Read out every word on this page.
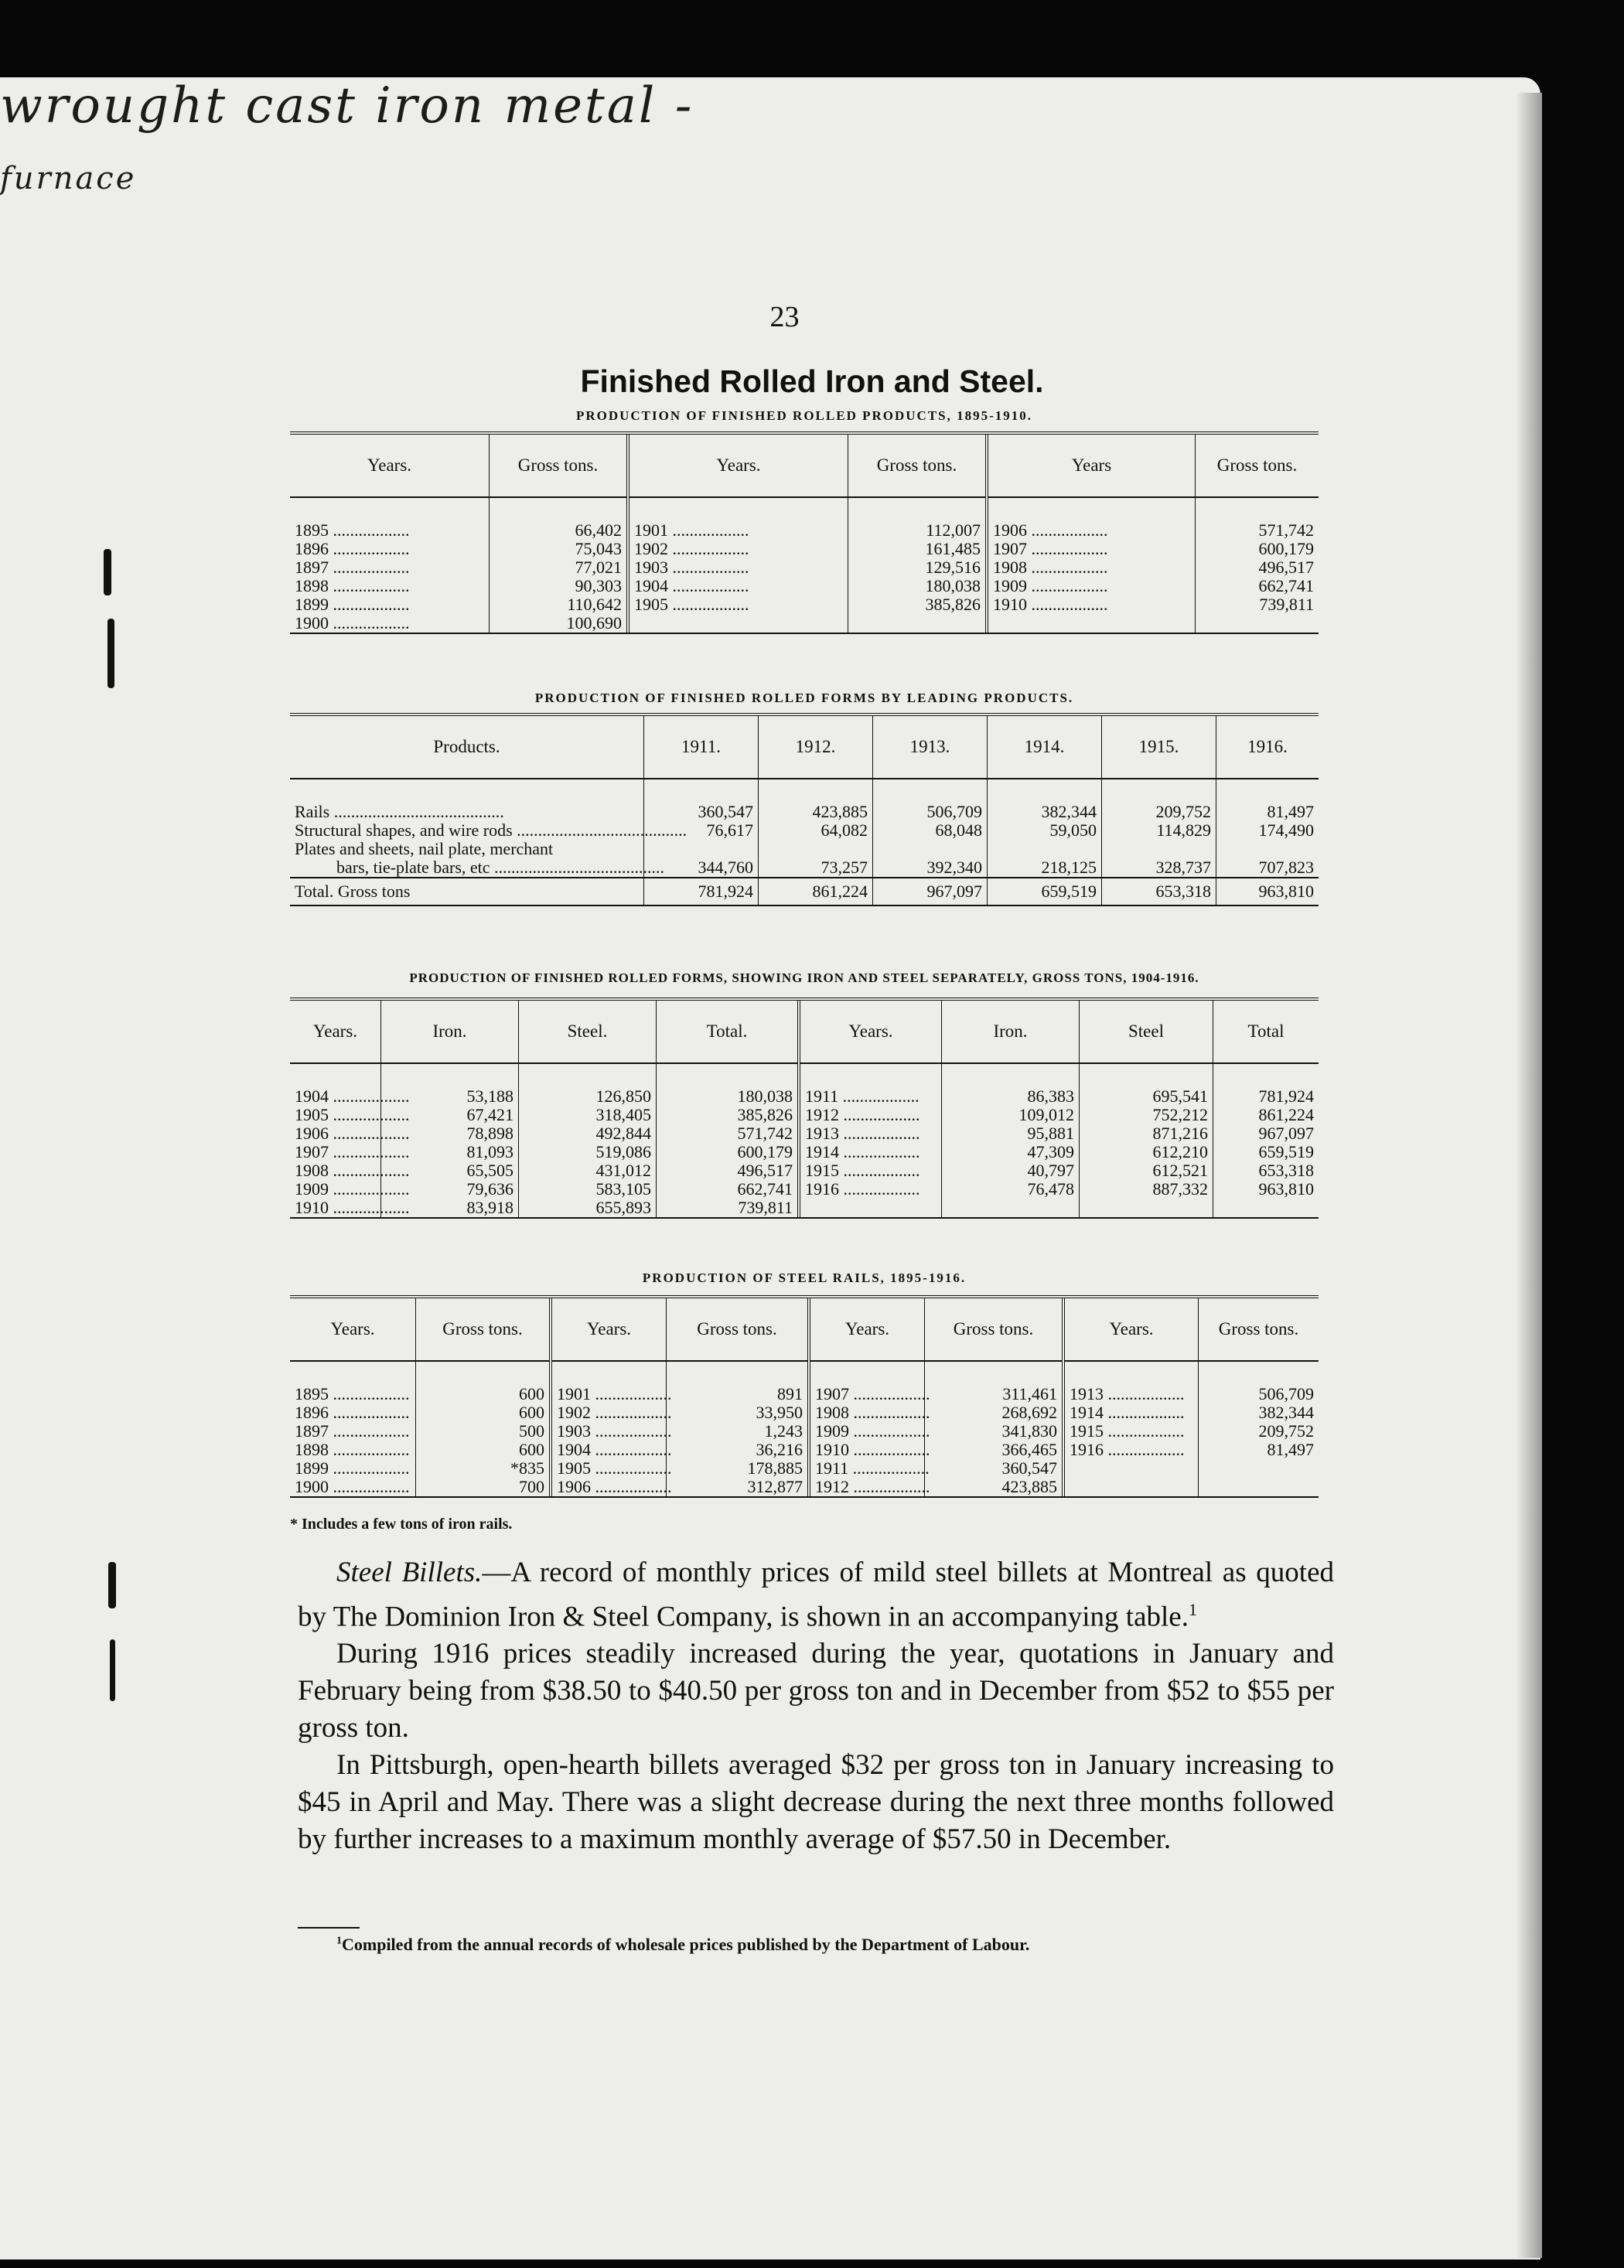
wrought cast iron metal -
furnace
23
Finished Rolled Iron and Steel.
PRODUCTION OF FINISHED ROLLED PRODUCTS, 1895-1910.
Years.	Gross tons.	Years.	Gross tons.	Years	Gross tons.

1895 ..................	66,402	1901 ..................	112,007	1906 ..................	571,742
1896 ..................	75,043	1902 ..................	161,485	1907 ..................	600,179
1897 ..................	77,021	1903 ..................	129,516	1908 ..................	496,517
1898 ..................	90,303	1904 ..................	180,038	1909 ..................	662,741
1899 ..................	110,642	1905 ..................	385,826	1910 ..................	739,811
1900 ..................	100,690				
PRODUCTION OF FINISHED ROLLED FORMS BY LEADING PRODUCTS.
Products.	1911.	1912.	1913.	1914.	1915.	1916.

Rails ........................................	360,547	423,885	506,709	382,344	209,752	81,497
Structural shapes, and wire rods ........................................	76,617	64,082	68,048	59,050	114,829	174,490
Plates and sheets, nail plate, merchant						
bars, tie-plate bars, etc ........................................	344,760	73,257	392,340	218,125	328,737	707,823
Total. Gross tons	781,924	861,224	967,097	659,519	653,318	963,810
PRODUCTION OF FINISHED ROLLED FORMS, SHOWING IRON AND STEEL SEPARATELY, GROSS TONS, 1904-1916.
Years.	Iron.	Steel.	Total.	Years.	Iron.	Steel	Total

1904 ..................	53,188	126,850	180,038	1911 ..................	86,383	695,541	781,924
1905 ..................	67,421	318,405	385,826	1912 ..................	109,012	752,212	861,224
1906 ..................	78,898	492,844	571,742	1913 ..................	95,881	871,216	967,097
1907 ..................	81,093	519,086	600,179	1914 ..................	47,309	612,210	659,519
1908 ..................	65,505	431,012	496,517	1915 ..................	40,797	612,521	653,318
1909 ..................	79,636	583,105	662,741	1916 ..................	76,478	887,332	963,810
1910 ..................	83,918	655,893	739,811				
PRODUCTION OF STEEL RAILS, 1895-1916.
Years.	Gross tons.	Years.	Gross tons.	Years.	Gross tons.	Years.	Gross tons.

1895 ..................	600	1901 ..................	891	1907 ..................	311,461	1913 ..................	506,709
1896 ..................	600	1902 ..................	33,950	1908 ..................	268,692	1914 ..................	382,344
1897 ..................	500	1903 ..................	1,243	1909 ..................	341,830	1915 ..................	209,752
1898 ..................	600	1904 ..................	36,216	1910 ..................	366,465	1916 ..................	81,497
1899 ..................	*835	1905 ..................	178,885	1911 ..................	360,547		
1900 ..................	700	1906 ..................	312,877	1912 ..................	423,885		
* Includes a few tons of iron rails.

Steel Billets.—A record of monthly prices of mild steel billets at Montreal as quoted by The Dominion Iron & Steel Company, is shown in an accompanying table.$^1$

During 1916 prices steadily increased during the year, quotations in January and February being from $38.50 to $40.50 per gross ton and in December from $52 to $55 per gross ton.

In Pittsburgh, open-hearth billets averaged $32 per gross ton in January increasing to $45 in April and May. There was a slight decrease during the next three months followed by further increases to a maximum monthly average of $57.50 in December.

$^1$Compiled from the annual records of wholesale prices published by the Department of Labour.
